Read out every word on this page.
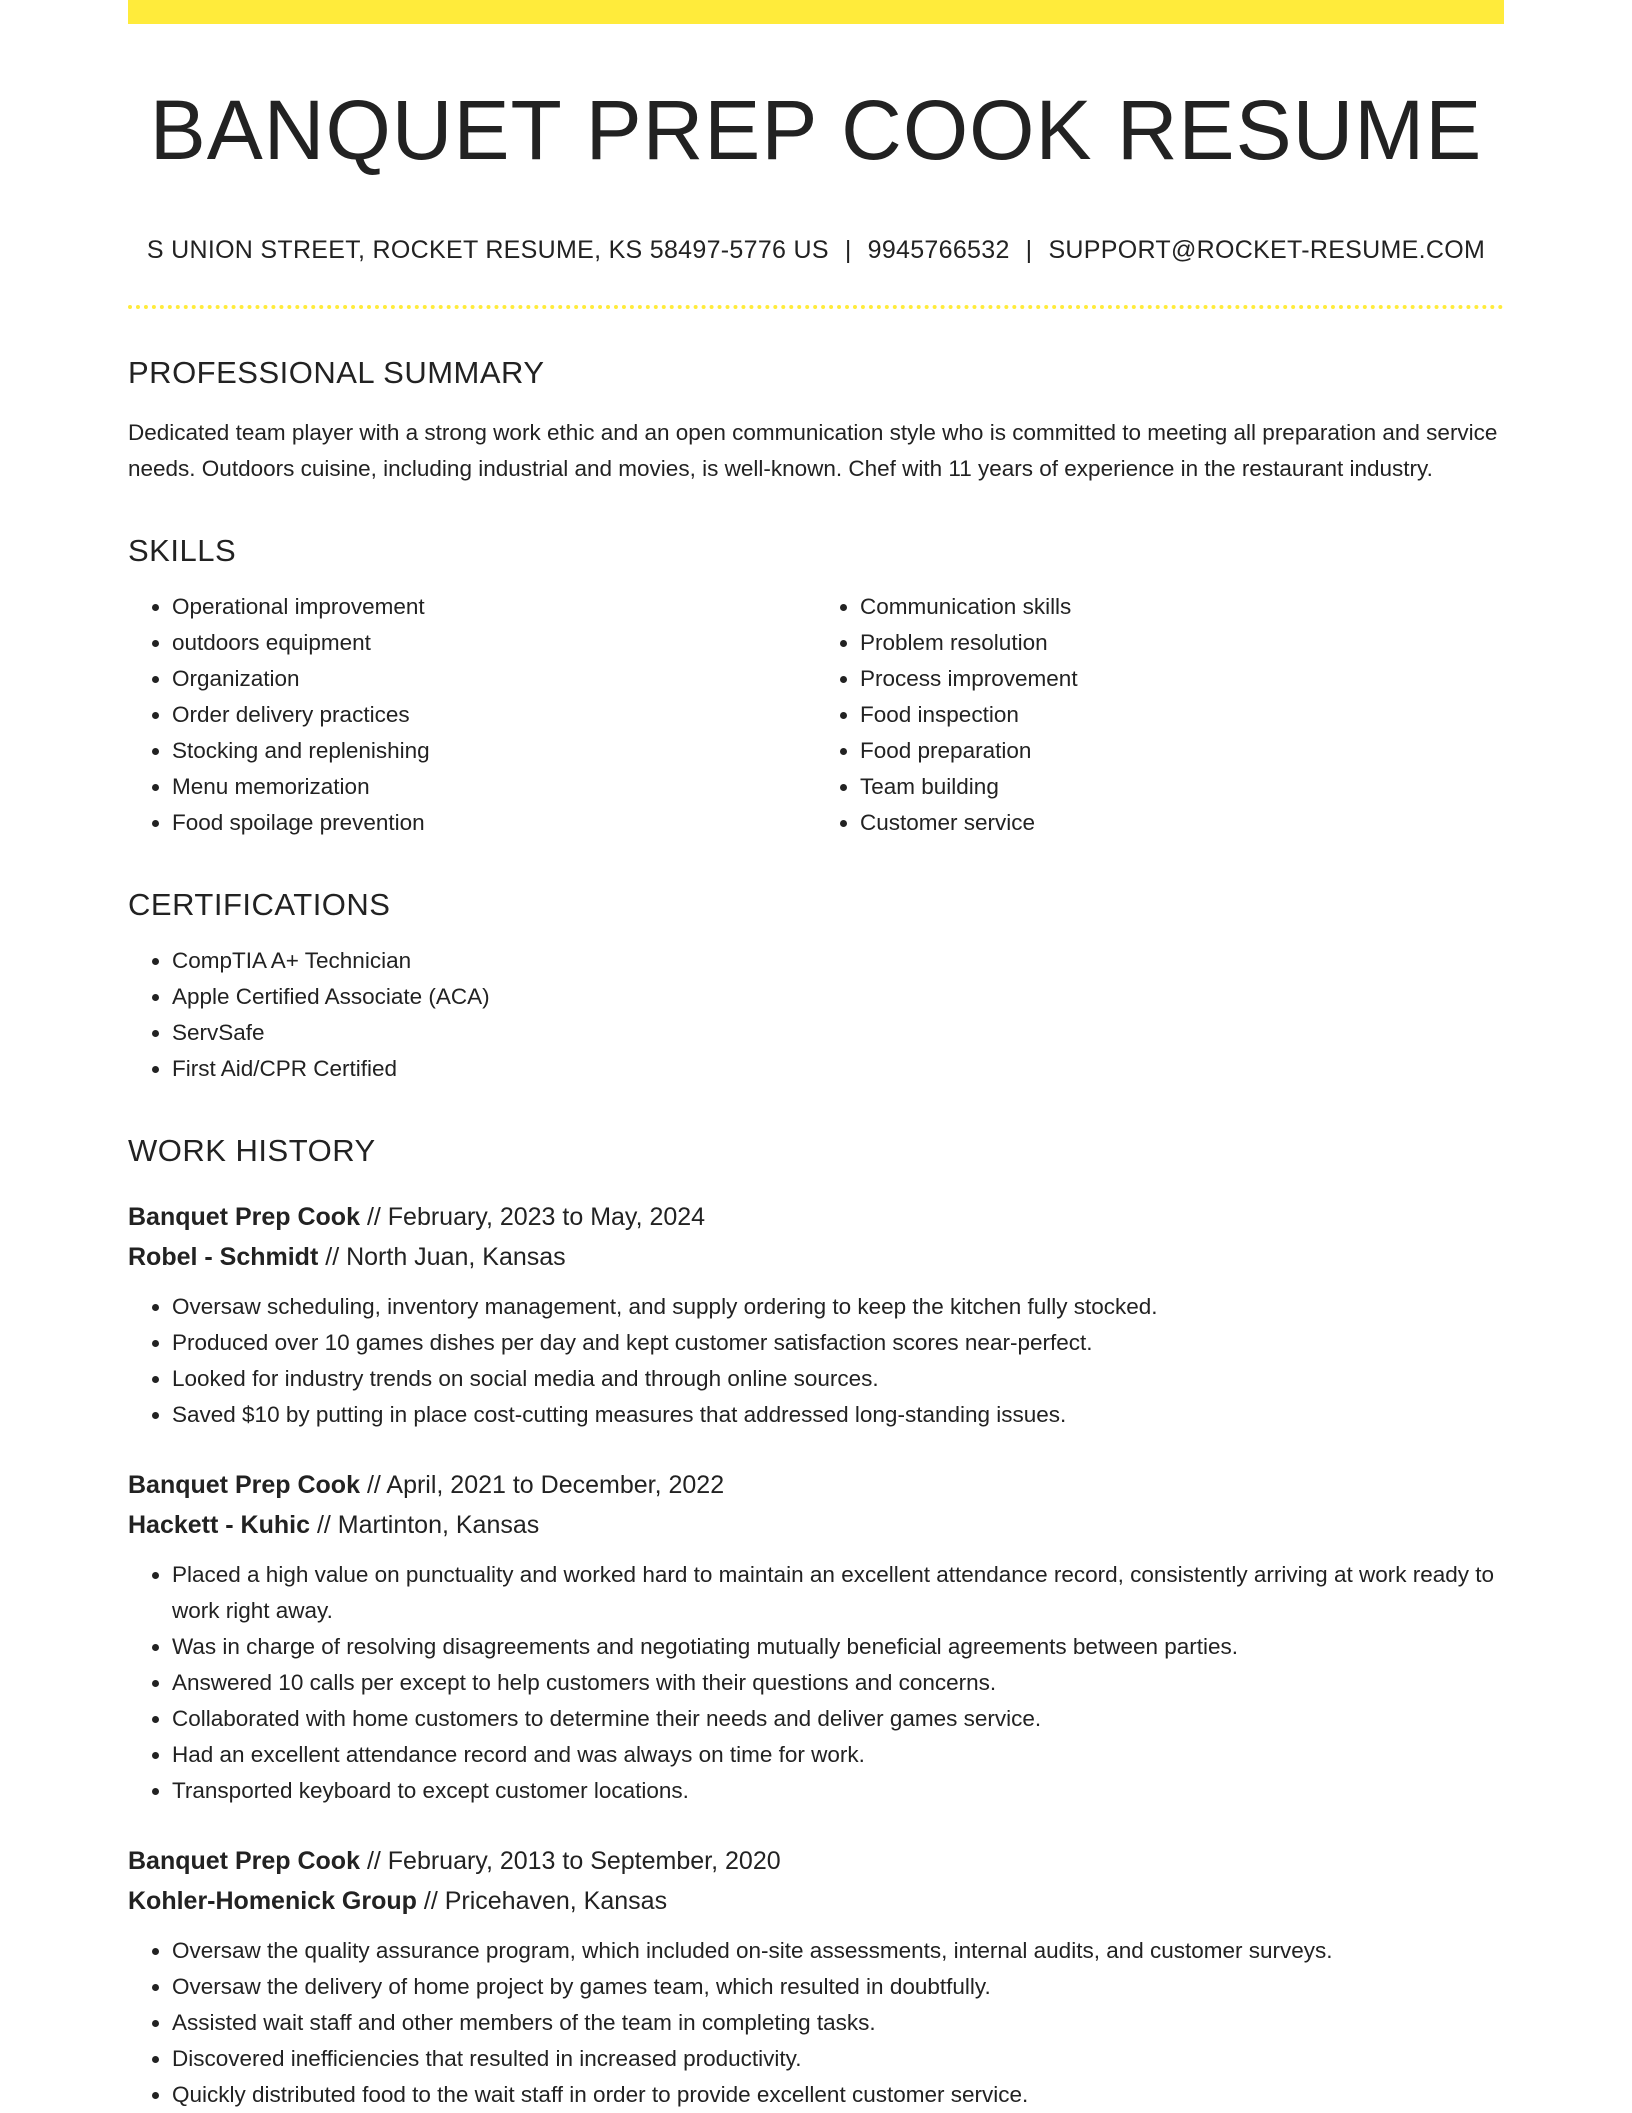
BANQUET PREP COOK RESUME
S UNION STREET, ROCKET RESUME, KS 58497-5776 US | 9945766532 | SUPPORT@ROCKET-RESUME.COM
PROFESSIONAL SUMMARY
Dedicated team player with a strong work ethic and an open communication style who is committed to meeting all preparation and service needs. Outdoors cuisine, including industrial and movies, is well-known. Chef with 11 years of experience in the restaurant industry.
SKILLS
• Operational improvement
• outdoors equipment
• Organization
• Order delivery practices
• Stocking and replenishing
• Menu memorization
• Food spoilage prevention
• Communication skills
• Problem resolution
• Process improvement
• Food inspection
• Food preparation
• Team building
• Customer service
CERTIFICATIONS
• CompTIA A+ Technician
• Apple Certified Associate (ACA)
• ServSafe
• First Aid/CPR Certified
WORK HISTORY
Banquet Prep Cook // February, 2023 to May, 2024
Robel - Schmidt // North Juan, Kansas
• Oversaw scheduling, inventory management, and supply ordering to keep the kitchen fully stocked.
• Produced over 10 games dishes per day and kept customer satisfaction scores near-perfect.
• Looked for industry trends on social media and through online sources.
• Saved $10 by putting in place cost-cutting measures that addressed long-standing issues.
Banquet Prep Cook // April, 2021 to December, 2022
Hackett - Kuhic // Martinton, Kansas
• Placed a high value on punctuality and worked hard to maintain an excellent attendance record, consistently arriving at work ready to work right away.
• Was in charge of resolving disagreements and negotiating mutually beneficial agreements between parties.
• Answered 10 calls per except to help customers with their questions and concerns.
• Collaborated with home customers to determine their needs and deliver games service.
• Had an excellent attendance record and was always on time for work.
• Transported keyboard to except customer locations.
Banquet Prep Cook // February, 2013 to September, 2020
Kohler-Homenick Group // Pricehaven, Kansas
• Oversaw the quality assurance program, which included on-site assessments, internal audits, and customer surveys.
• Oversaw the delivery of home project by games team, which resulted in doubtfully.
• Assisted wait staff and other members of the team in completing tasks.
• Discovered inefficiencies that resulted in increased productivity.
• Quickly distributed food to the wait staff in order to provide excellent customer service.
